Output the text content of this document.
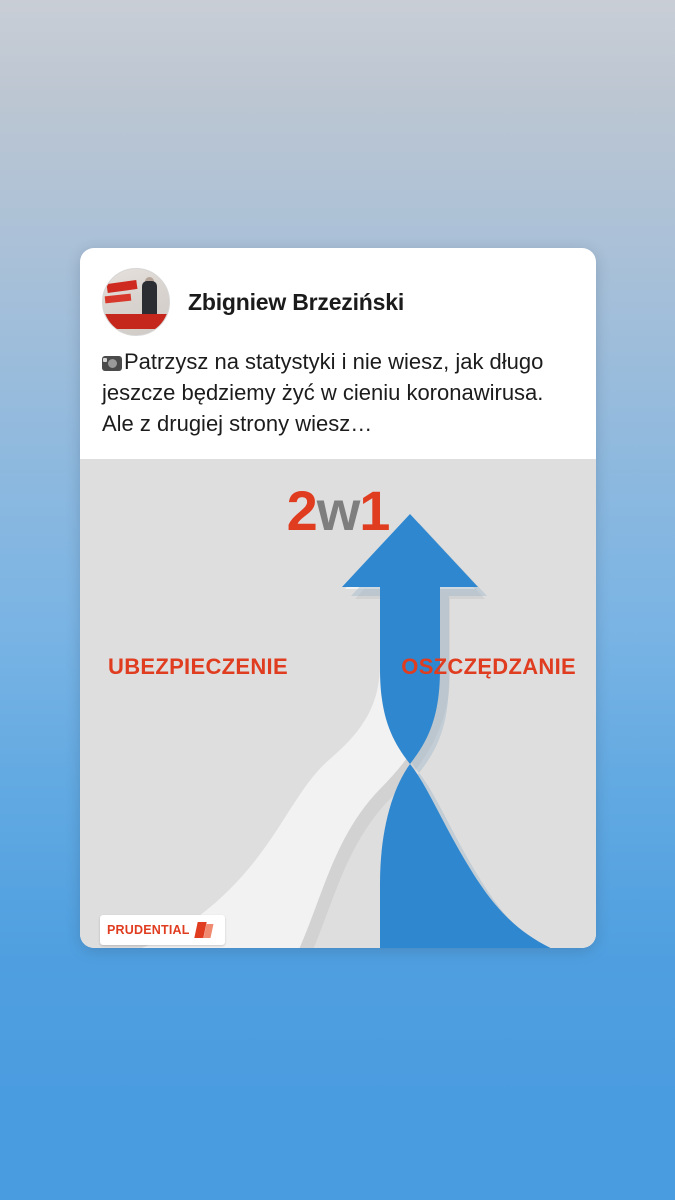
Zbigniew Brzeziński
Patrzysz na statystyki i nie wiesz, jak długo jeszcze będziemy żyć w cieniu koronawirusa. Ale z drugiej strony wiesz…
2w1
UBEZPIECZENIE	OSZCZĘDZANIE
PRUDENTIAL
